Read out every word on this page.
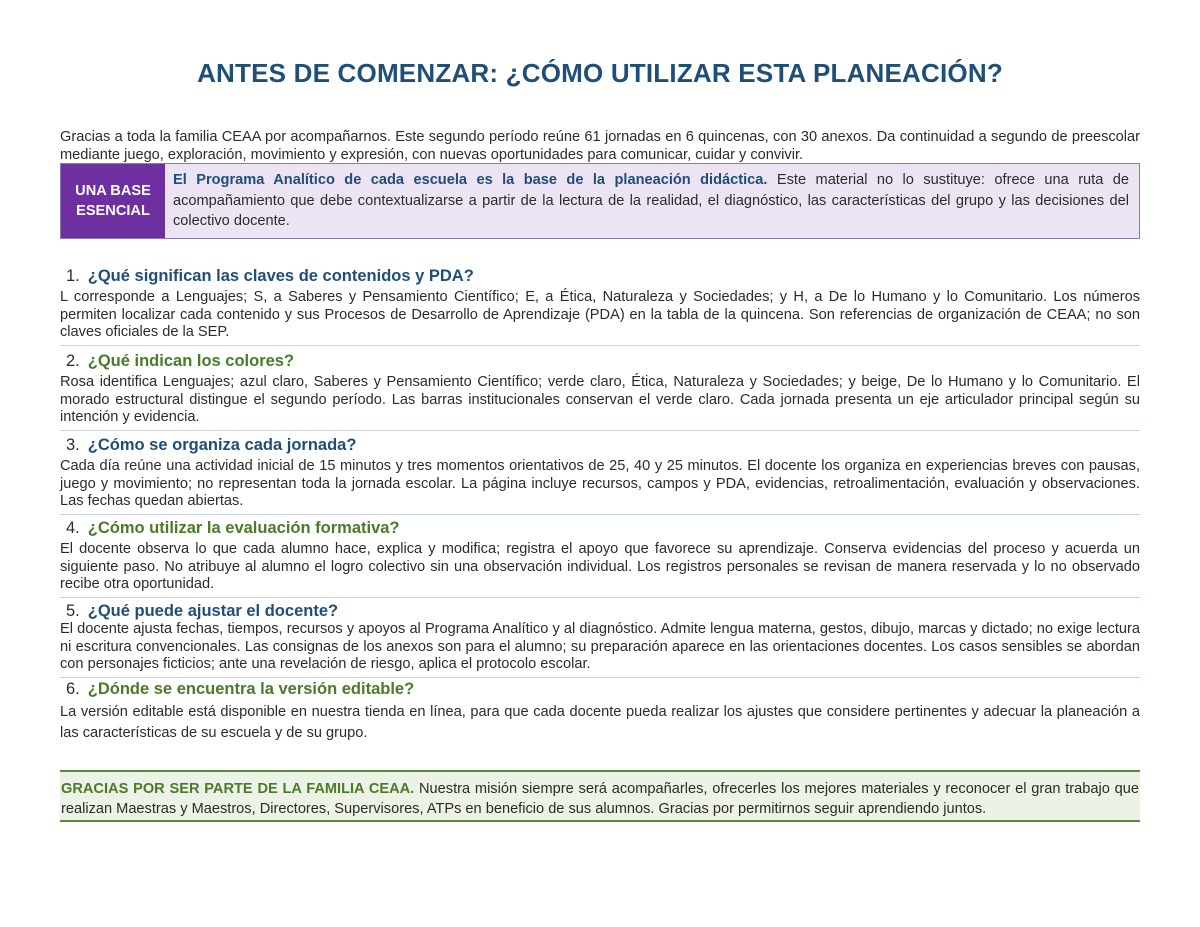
ANTES DE COMENZAR: ¿CÓMO UTILIZAR ESTA PLANEACIÓN?
Gracias a toda la familia CEAA por acompañarnos. Este segundo período reúne 61 jornadas en 6 quincenas, con 30 anexos. Da continuidad a segundo de preescolar mediante juego, exploración, movimiento y expresión, con nuevas oportunidades para comunicar, cuidar y convivir.
UNA BASE ESENCIAL
El Programa Analítico de cada escuela es la base de la planeación didáctica. Este material no lo sustituye: ofrece una ruta de acompañamiento que debe contextualizarse a partir de la lectura de la realidad, el diagnóstico, las características del grupo y las decisiones del colectivo docente.
1. ¿Qué significan las claves de contenidos y PDA?
L corresponde a Lenguajes; S, a Saberes y Pensamiento Científico; E, a Ética, Naturaleza y Sociedades; y H, a De lo Humano y lo Comunitario. Los números permiten localizar cada contenido y sus Procesos de Desarrollo de Aprendizaje (PDA) en la tabla de la quincena. Son referencias de organización de CEAA; no son claves oficiales de la SEP.
2. ¿Qué indican los colores?
Rosa identifica Lenguajes; azul claro, Saberes y Pensamiento Científico; verde claro, Ética, Naturaleza y Sociedades; y beige, De lo Humano y lo Comunitario. El morado estructural distingue el segundo período. Las barras institucionales conservan el verde claro. Cada jornada presenta un eje articulador principal según su intención y evidencia.
3. ¿Cómo se organiza cada jornada?
Cada día reúne una actividad inicial de 15 minutos y tres momentos orientativos de 25, 40 y 25 minutos. El docente los organiza en experiencias breves con pausas, juego y movimiento; no representan toda la jornada escolar. La página incluye recursos, campos y PDA, evidencias, retroalimentación, evaluación y observaciones. Las fechas quedan abiertas.
4. ¿Cómo utilizar la evaluación formativa?
El docente observa lo que cada alumno hace, explica y modifica; registra el apoyo que favorece su aprendizaje. Conserva evidencias del proceso y acuerda un siguiente paso. No atribuye al alumno el logro colectivo sin una observación individual. Los registros personales se revisan de manera reservada y lo no observado recibe otra oportunidad.
5. ¿Qué puede ajustar el docente?
El docente ajusta fechas, tiempos, recursos y apoyos al Programa Analítico y al diagnóstico. Admite lengua materna, gestos, dibujo, marcas y dictado; no exige lectura ni escritura convencionales. Las consignas de los anexos son para el alumno; su preparación aparece en las orientaciones docentes. Los casos sensibles se abordan con personajes ficticios; ante una revelación de riesgo, aplica el protocolo escolar.
6. ¿Dónde se encuentra la versión editable?
La versión editable está disponible en nuestra tienda en línea, para que cada docente pueda realizar los ajustes que considere pertinentes y adecuar la planeación a las características de su escuela y de su grupo.
GRACIAS POR SER PARTE DE LA FAMILIA CEAA. Nuestra misión siempre será acompañarles, ofrecerles los mejores materiales y reconocer el gran trabajo que realizan Maestras y Maestros, Directores, Supervisores, ATPs en beneficio de sus alumnos. Gracias por permitirnos seguir aprendiendo juntos.
